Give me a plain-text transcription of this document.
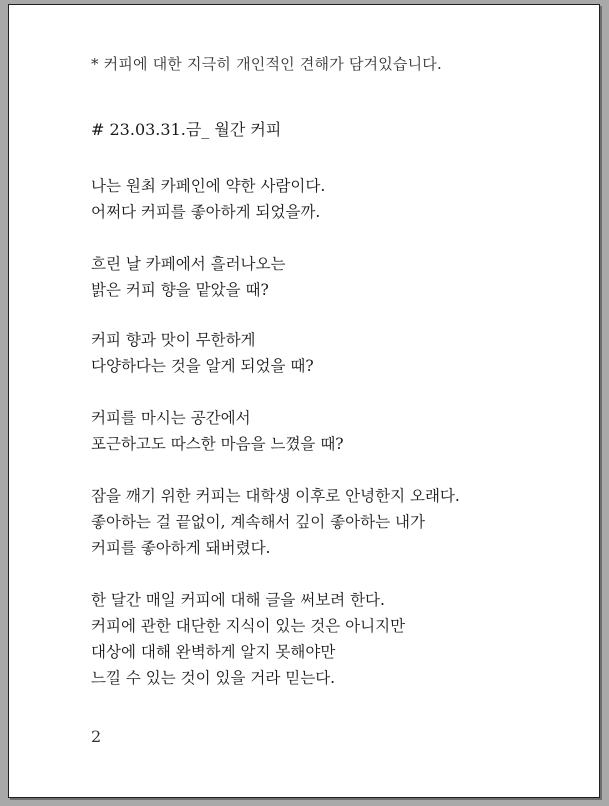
* 커피에 대한 지극히 개인적인 견해가 담겨있습니다.

# 23.03.31.금_ 월간 커피

나는 원최 카페인에 약한 사람이다.

어쩌다 커피를 좋아하게 되었을까.

흐린 날 카페에서 흘러나오는

밝은 커피 향을 맡았을 때?

커피 향과 맛이 무한하게

다양하다는 것을 알게 되었을 때?

커피를 마시는 공간에서

포근하고도 따스한 마음을 느꼈을 때?

잠을 깨기 위한 커피는 대학생 이후로 안녕한지 오래다.

좋아하는 걸 끝없이, 계속해서 깊이 좋아하는 내가

커피를 좋아하게 돼버렸다.

한 달간 매일 커피에 대해 글을 써보려 한다.

커피에 관한 대단한 지식이 있는 것은 아니지만

대상에 대해 완벽하게 알지 못해야만

느낄 수 있는 것이 있을 거라 믿는다.

2
